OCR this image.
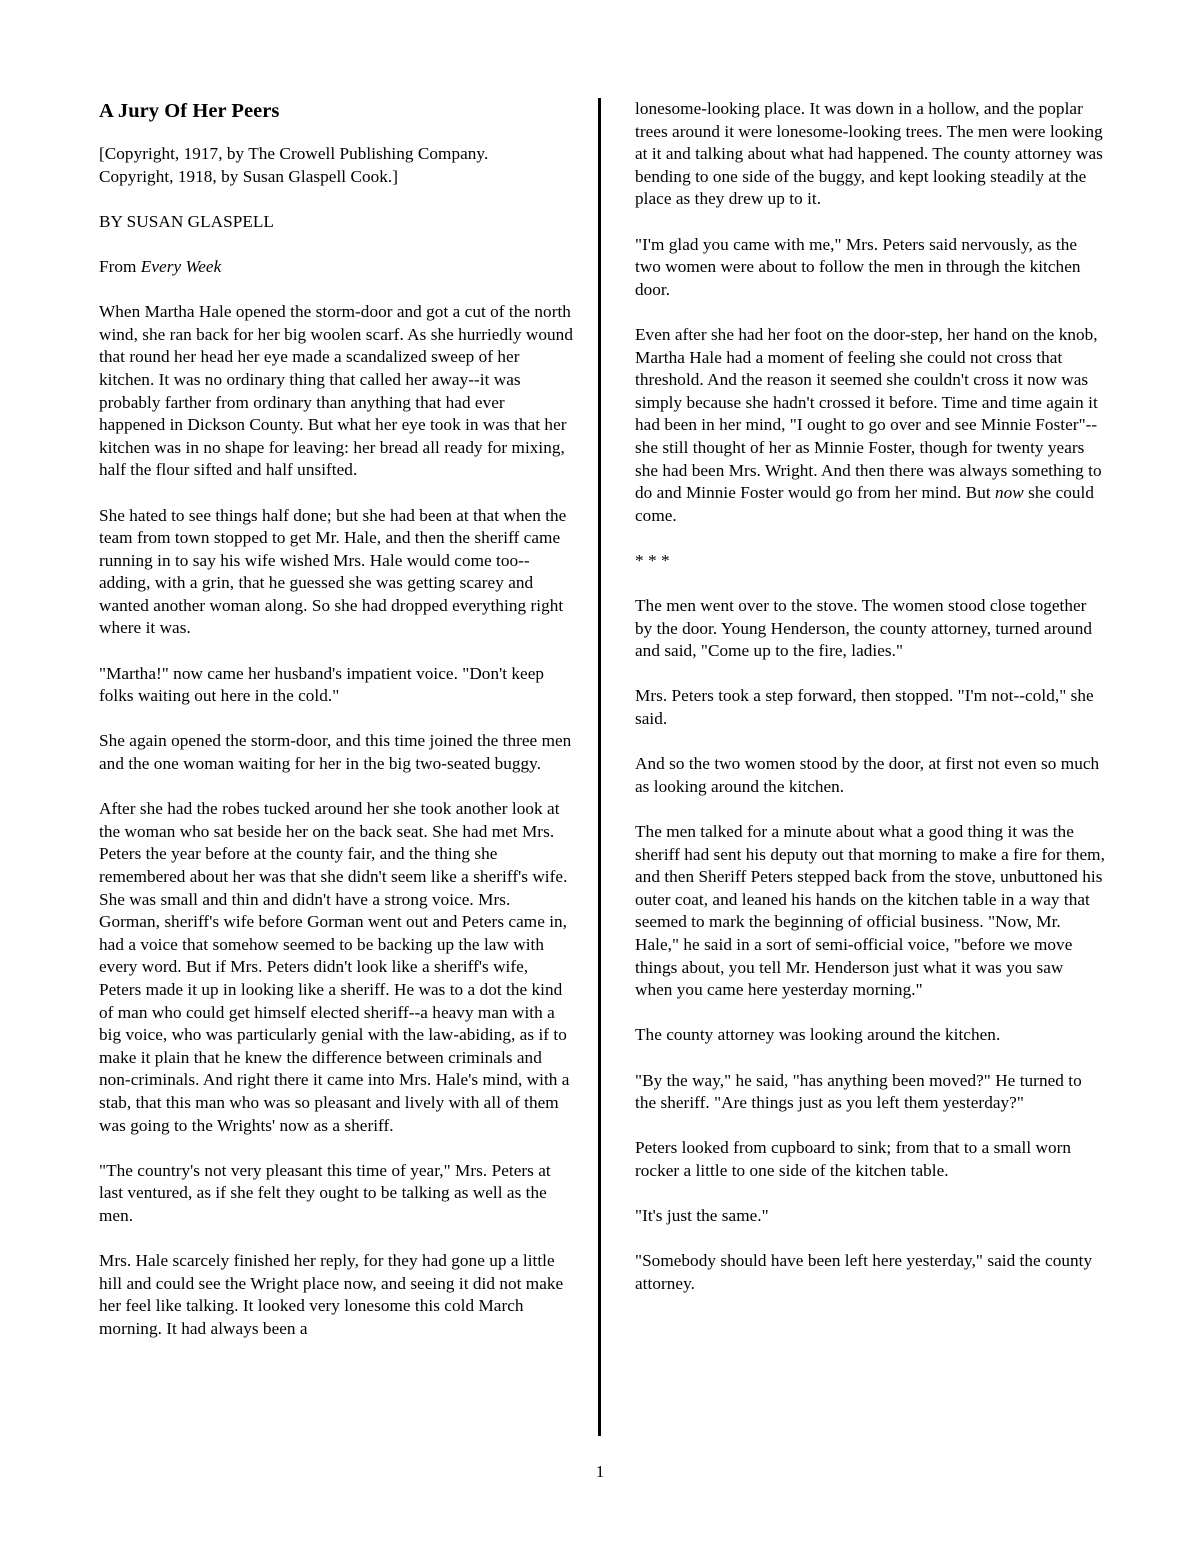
A Jury Of Her Peers

[Copyright, 1917, by The Crowell Publishing Company.
Copyright, 1918, by Susan Glaspell Cook.]

BY SUSAN GLASPELL

From Every Week

When Martha Hale opened the storm-door and got a cut of the north wind, she ran back for her big woolen scarf. As she hurriedly wound that round her head her eye made a scandalized sweep of her kitchen. It was no ordinary thing that called her away--it was probably farther from ordinary than anything that had ever happened in Dickson County. But what her eye took in was that her kitchen was in no shape for leaving: her bread all ready for mixing, half the flour sifted and half unsifted.

She hated to see things half done; but she had been at that when the team from town stopped to get Mr. Hale, and then the sheriff came running in to say his wife wished Mrs. Hale would come too--adding, with a grin, that he guessed she was getting scarey and wanted another woman along. So she had dropped everything right where it was.

"Martha!" now came her husband's impatient voice. "Don't keep folks waiting out here in the cold."

She again opened the storm-door, and this time joined the three men and the one woman waiting for her in the big two-seated buggy.

After she had the robes tucked around her she took another look at the woman who sat beside her on the back seat. She had met Mrs. Peters the year before at the county fair, and the thing she remembered about her was that she didn't seem like a sheriff's wife. She was small and thin and didn't have a strong voice. Mrs. Gorman, sheriff's wife before Gorman went out and Peters came in, had a voice that somehow seemed to be backing up the law with every word. But if Mrs. Peters didn't look like a sheriff's wife, Peters made it up in looking like a sheriff. He was to a dot the kind of man who could get himself elected sheriff--a heavy man with a big voice, who was particularly genial with the law-abiding, as if to make it plain that he knew the difference between criminals and non-criminals. And right there it came into Mrs. Hale's mind, with a stab, that this man who was so pleasant and lively with all of them was going to the Wrights' now as a sheriff.

"The country's not very pleasant this time of year," Mrs. Peters at last ventured, as if she felt they ought to be talking as well as the men.

Mrs. Hale scarcely finished her reply, for they had gone up a little hill and could see the Wright place now, and seeing it did not make her feel like talking. It looked very lonesome this cold March morning. It had always been a

lonesome-looking place. It was down in a hollow, and the poplar trees around it were lonesome-looking trees. The men were looking at it and talking about what had happened. The county attorney was bending to one side of the buggy, and kept looking steadily at the place as they drew up to it.

"I'm glad you came with me," Mrs. Peters said nervously, as the two women were about to follow the men in through the kitchen door.

Even after she had her foot on the door-step, her hand on the knob, Martha Hale had a moment of feeling she could not cross that threshold. And the reason it seemed she couldn't cross it now was simply because she hadn't crossed it before. Time and time again it had been in her mind, "I ought to go over and see Minnie Foster"--she still thought of her as Minnie Foster, though for twenty years she had been Mrs. Wright. And then there was always something to do and Minnie Foster would go from her mind. But now she could come.

* * *

The men went over to the stove. The women stood close together by the door. Young Henderson, the county attorney, turned around and said, "Come up to the fire, ladies."

Mrs. Peters took a step forward, then stopped. "I'm not--cold," she said.

And so the two women stood by the door, at first not even so much as looking around the kitchen.

The men talked for a minute about what a good thing it was the sheriff had sent his deputy out that morning to make a fire for them, and then Sheriff Peters stepped back from the stove, unbuttoned his outer coat, and leaned his hands on the kitchen table in a way that seemed to mark the beginning of official business. "Now, Mr. Hale," he said in a sort of semi-official voice, "before we move things about, you tell Mr. Henderson just what it was you saw when you came here yesterday morning."

The county attorney was looking around the kitchen.

"By the way," he said, "has anything been moved?" He turned to the sheriff. "Are things just as you left them yesterday?"

Peters looked from cupboard to sink; from that to a small worn rocker a little to one side of the kitchen table.

"It's just the same."

"Somebody should have been left here yesterday," said the county attorney.

1
